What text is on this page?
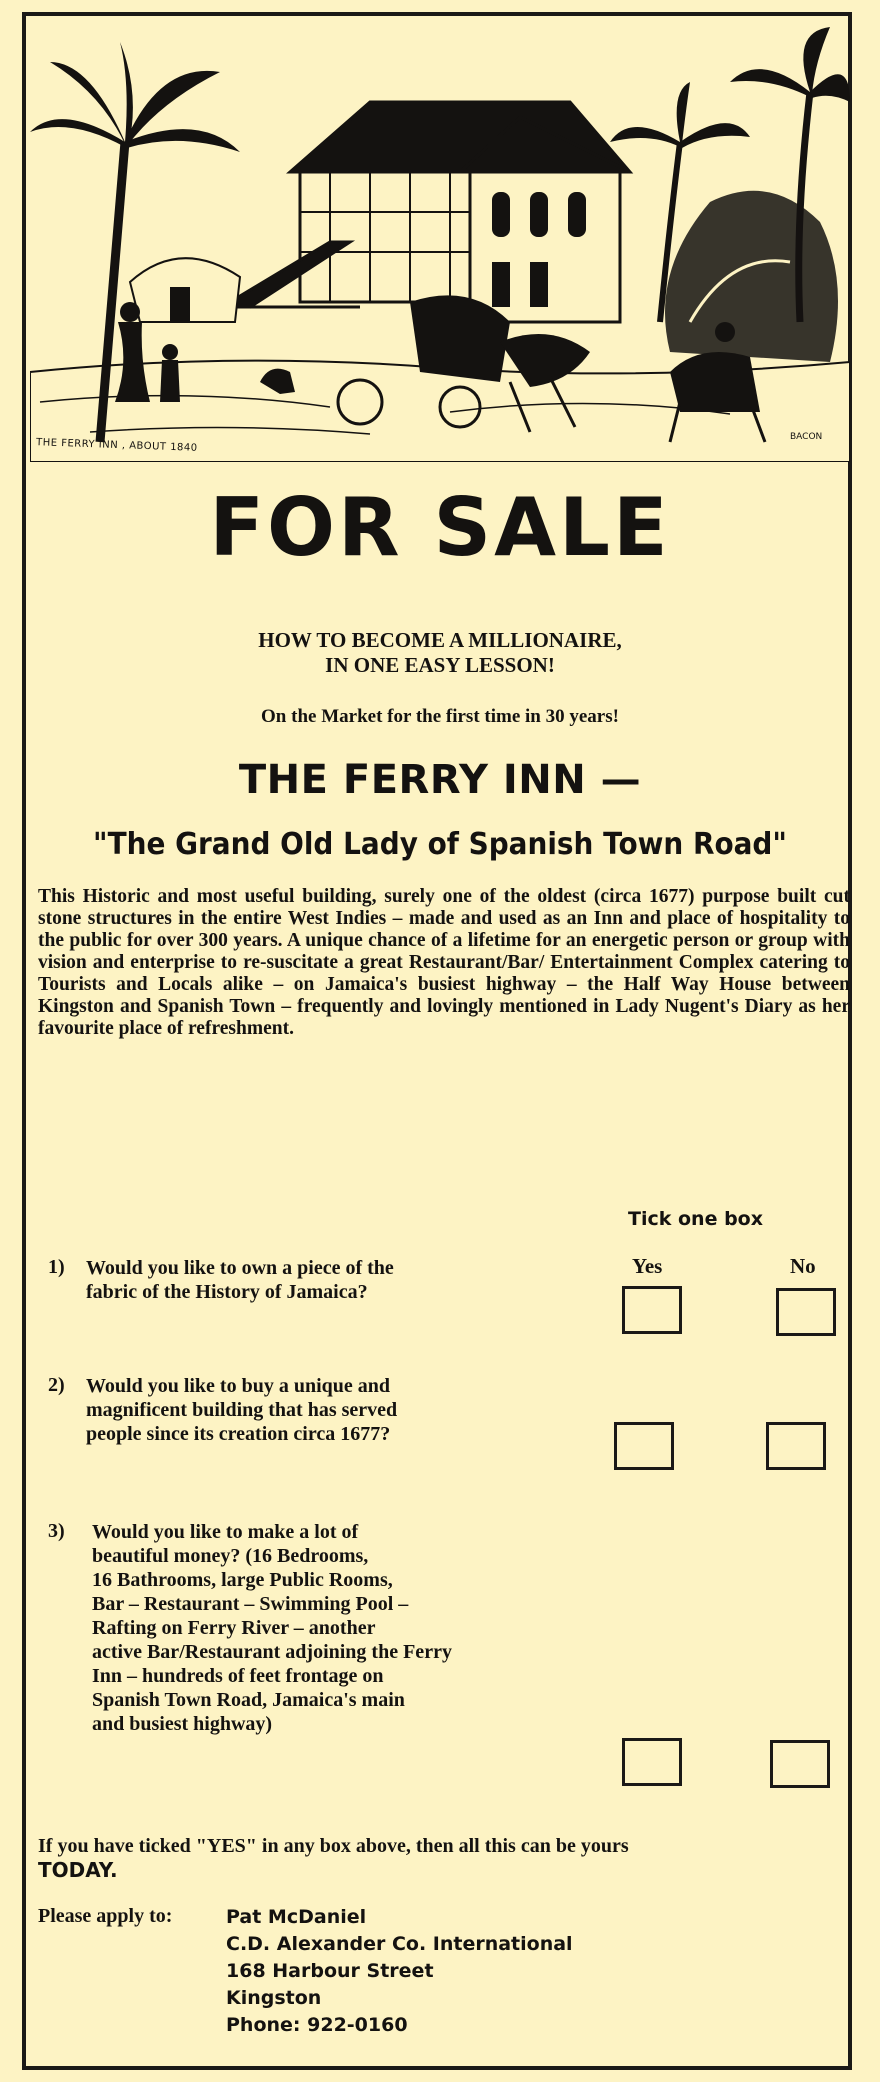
THE FERRY INN , ABOUT 1840
BACON
FOR SALE
HOW TO BECOME A MILLIONAIRE,
IN ONE EASY LESSON!
On the Market for the first time in 30 years!
THE FERRY INN —
"The Grand Old Lady of Spanish Town Road"
This Historic and most useful building, surely one of the oldest (circa 1677) purpose built cut stone structures in the entire West Indies – made and used as an Inn and place of hospitality to the public for over 300 years. A unique chance of a lifetime for an energetic person or group with vision and enterprise to re-suscitate a great Restaurant/Bar/ Entertainment Complex catering to Tourists and Locals alike – on Jamaica's busiest highway – the Half Way House between Kingston and Spanish Town – frequently and lovingly mentioned in Lady Nugent's Diary as her favourite place of refreshment.
Tick one box
Yes	No
1) Would you like to own a piece of the
fabric of the History of Jamaica?
2) Would you like to buy a unique and
magnificent building that has served
people since its creation circa 1677?
3) Would you like to make a lot of
beautiful money? (16 Bedrooms,
16 Bathrooms, large Public Rooms,
Bar – Restaurant – Swimming Pool –
Rafting on Ferry River – another
active Bar/Restaurant adjoining the Ferry
Inn – hundreds of feet frontage on
Spanish Town Road, Jamaica's main
and busiest highway)
If you have ticked "YES" in any box above, then all this can be yours
TODAY.
Please apply to:	Pat McDaniel
C.D. Alexander Co. International
168 Harbour Street
Kingston
Phone: 922-0160
